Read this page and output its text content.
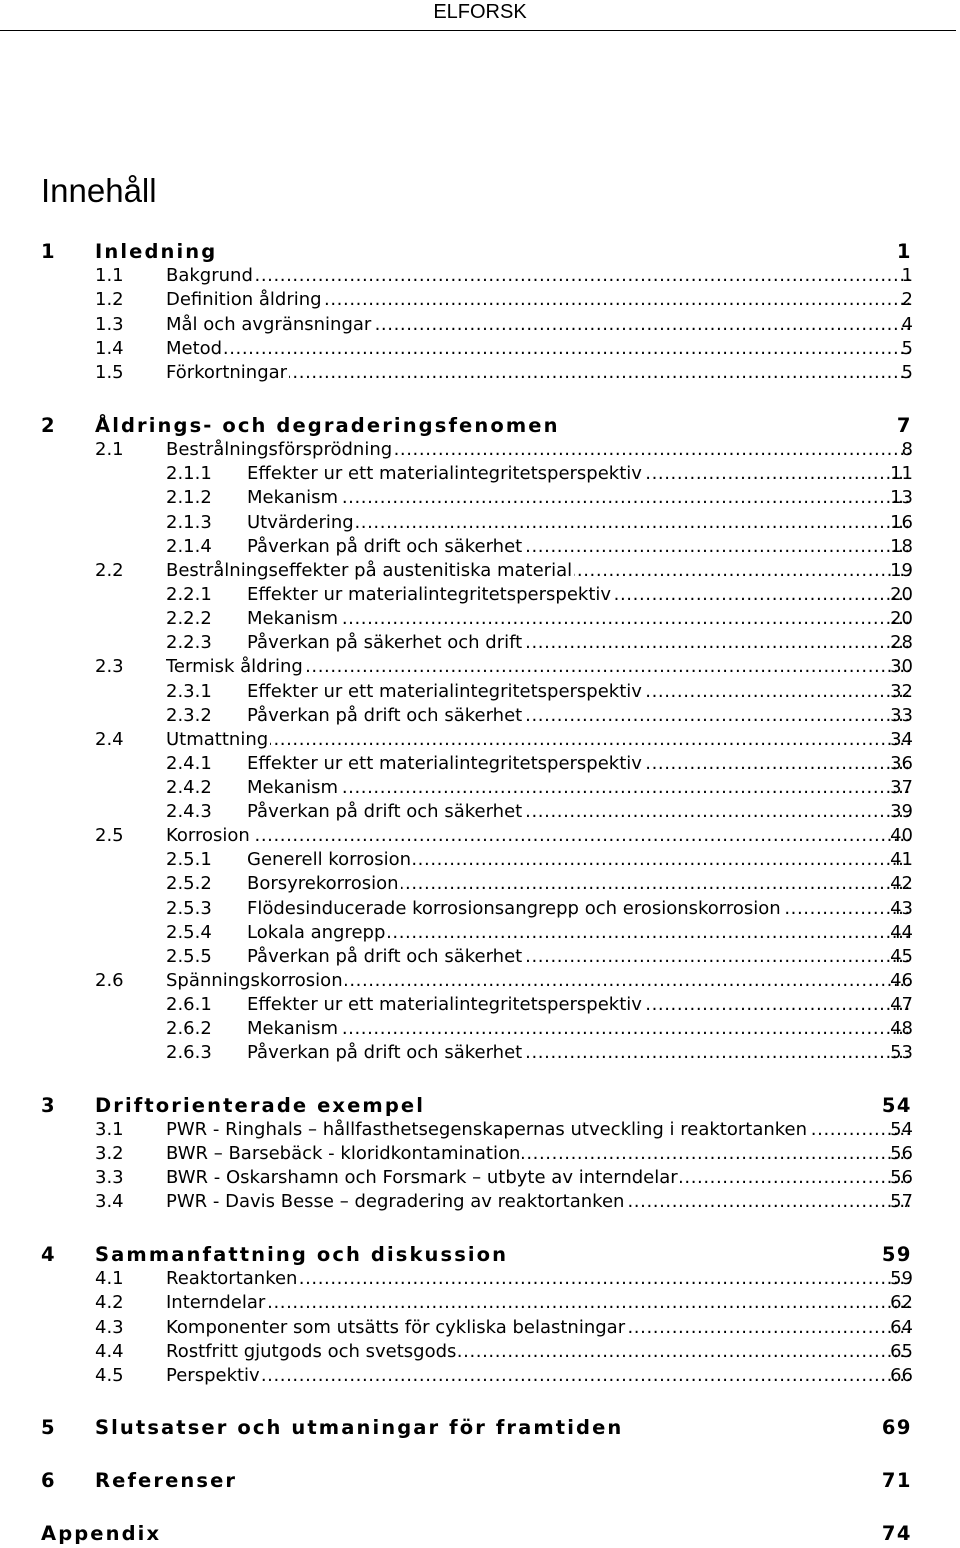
ELFORSK
Innehåll
1 Inledning	1
1.1 Bakgrund .....	1
1.2 Definition åldring .....	2
1.3 Mål och avgränsningar .....	4
1.4 Metod .....	5
1.5 Förkortningar .....	5
2 Åldrings- och degraderingsfenomen	7
2.1 Bestrålningsförsprödning .....	8
2.1.1 Effekter ur ett materialintegritetsperspektiv .....	11
2.1.2 Mekanism .....	13
2.1.3 Utvärdering .....	16
2.1.4 Påverkan på drift och säkerhet .....	18
2.2 Bestrålningseffekter på austenitiska material .....	19
2.2.1 Effekter ur materialintegritetsperspektiv .....	20
2.2.2 Mekanism .....	20
2.2.3 Påverkan på säkerhet och drift .....	28
2.3 Termisk åldring .....	30
2.3.1 Effekter ur ett materialintegritetsperspektiv .....	32
2.3.2 Påverkan på drift och säkerhet .....	33
2.4 Utmattning .....	34
2.4.1 Effekter ur ett materialintegritetsperspektiv .....	36
2.4.2 Mekanism .....	37
2.4.3 Påverkan på drift och säkerhet .....	39
2.5 Korrosion .....	40
2.5.1 Generell korrosion .....	41
2.5.2 Borsyrekorrosion .....	42
2.5.3 Flödesinducerade korrosionsangrepp och erosionskorrosion .....	43
2.5.4 Lokala angrepp .....	44
2.5.5 Påverkan på drift och säkerhet .....	45
2.6 Spänningskorrosion .....	46
2.6.1 Effekter ur ett materialintegritetsperspektiv .....	47
2.6.2 Mekanism .....	48
2.6.3 Påverkan på drift och säkerhet .....	53
3 Driftorienterade exempel	54
3.1 PWR - Ringhals – hållfasthetsegenskapernas utveckling i reaktortanken .....	54
3.2 BWR – Barsebäck - kloridkontamination .....	56
3.3 BWR - Oskarshamn och Forsmark – utbyte av interndelar .....	56
3.4 PWR - Davis Besse – degradering av reaktortanken .....	57
4 Sammanfattning och diskussion	59
4.1 Reaktortanken .....	59
4.2 Interndelar .....	62
4.3 Komponenter som utsätts för cykliska belastningar .....	64
4.4 Rostfritt gjutgods och svetsgods .....	65
4.5 Perspektiv .....	66
5 Slutsatser och utmaningar för framtiden	69
6 Referenser	71
Appendix	74
